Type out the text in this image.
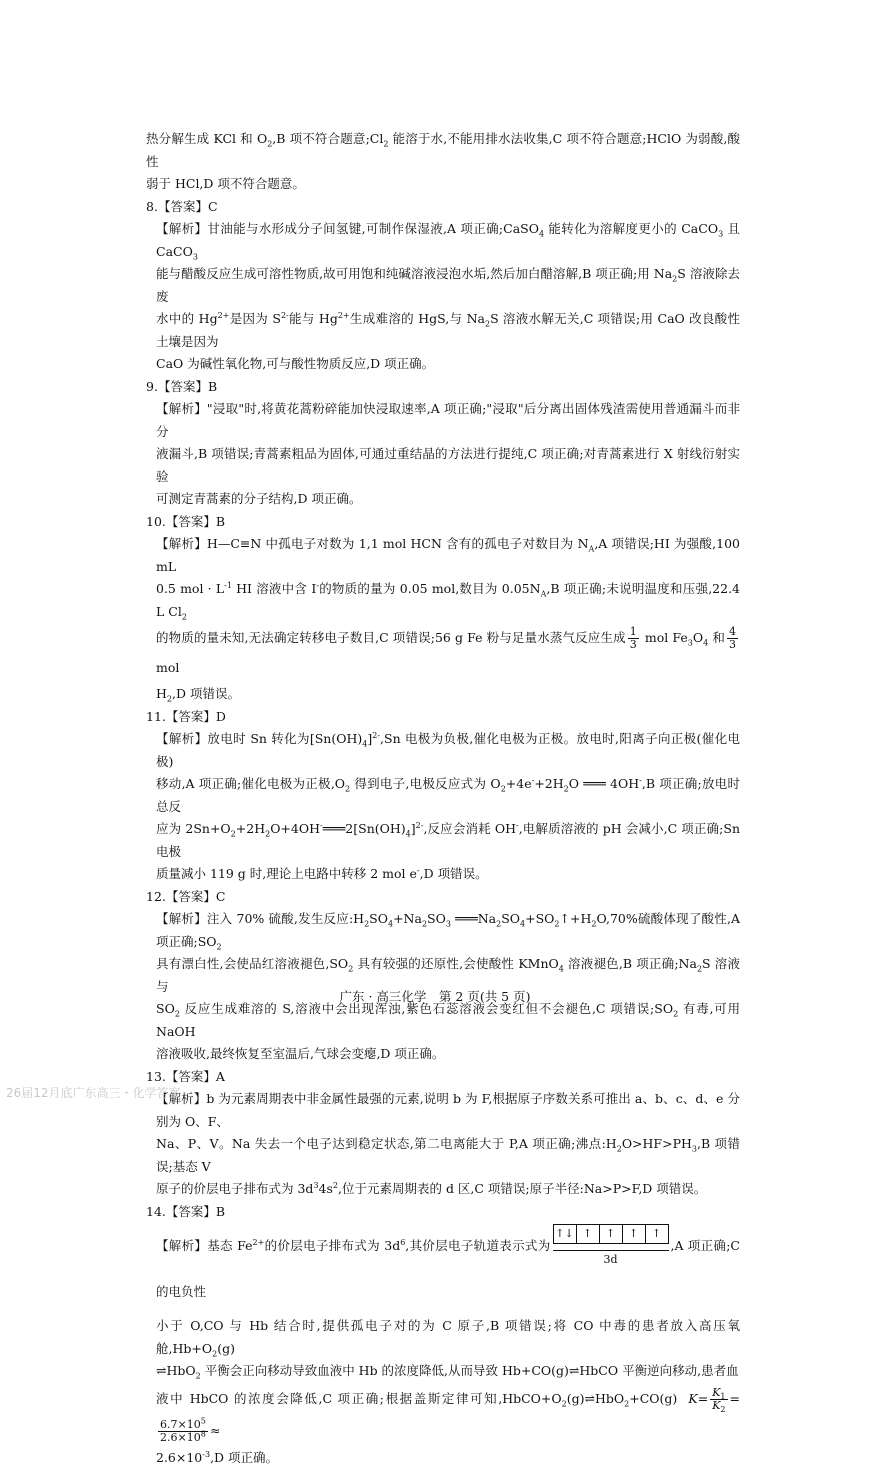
热分解生成 KCl 和 $O_2,B$ 项不符合题意$;Cl_2$ 能溶于水,不能用排水法收集,C 项不符合题意;HClO 为弱酸,酸性

弱于 HCl,D 项不符合题意。

8.【答案】C

【解析】甘油能与水形成分子间氢键,可制作保湿液,A 项正确;CaSO$_4$ 能转化为溶解度更小的 CaCO$_3$ 且 CaCO$_3$
能与醋酸反应生成可溶性物质,故可用饱和纯碱溶液浸泡水垢,然后加白醋溶解,B 项正确;用 $Na_2S$ 溶液除去废
水中的 $Hg^{2+}$是因为 $S^{2-}$能与 $Hg^{2+}$生成难溶的 HgS,与 $Na_2S$ 溶液水解无关,C 项错误;用 CaO 改良酸性土壤是因为
CaO 为碱性氧化物,可与酸性物质反应,D 项正确。

9.【答案】B

【解析】"浸取"时,将黄花蒿粉碎能加快浸取速率,A 项正确;"浸取"后分离出固体残渣需使用普通漏斗而非分
液漏斗,B 项错误;青蒿素粗品为固体,可通过重结晶的方法进行提纯,C 项正确;对青蒿素进行 X 射线衍射实验
可测定青蒿素的分子结构,D 项正确。

10.【答案】B

【解析】H—C≡N 中孤电子对数为 1,1 mol HCN 含有的孤电子对数目为 $N_A,A$ 项错误;HI 为强酸,100 mL
0.5 mol · $L^{-1}$ HI 溶液中含 I-的物质的量为 0.05 mol,数目为 $0.05N_A,B$ 项正确;未说明温度和压强,22.4 L $Cl_2$
的物质的量未知,无法确定转移电子数目,C 项错误;56 g Fe 粉与足量水蒸气反应生成 $\frac{1}{3}$ mol $Fe_3O_4$ 和 $\frac{4}{3}$
mol
$H_2,D$ 项错误。

11.【答案】D

【解析】放电时 Sn 转化为$[Sn(OH)_4]^{2-},Sn$ 电极为负极,催化电极为正极。放电时,阳离子向正极(催化电极)
移动,A 项正确;催化电极为正极$,O_2$ 得到电子,电极反应式为 $O_2+4e^-+2H_2O$ ═══ 4OH-,B 项正确;放电时总反
应为 $2Sn+O_2+2H_2O+4OH^-═══2[Sn(OH)_4]^{2-}$,反应会消耗 OH-,电解质溶液的 pH 会减小,C 项正确;Sn 电极
质量减小 119 g 时,理论上电路中转移 2 mol e-,D 项错误。

12.【答案】C

【解析】注入 70% 硫酸,发生反应$:H_2SO_4+Na_2SO_3$ $═══Na_2SO_4+SO_2↑+H_2O,70\%$硫酸体现了酸性,A 项正确$;SO_2$
具有漂白性,会使品红溶液褪色$,SO_2$ 具有较强的还原性,会使酸性 KMnO$_4$ 溶液褪色,B 项正确$;Na_2S$ 溶液与
$SO_2$ 反应生成难溶的 S,溶液中会出现浑浊,紫色石蕊溶液会变红但不会褪色,C 项错误$;SO_2$ 有毒,可用 NaOH
溶液吸收,最终恢复至室温后,气球会变瘪,D 项正确。

13.【答案】A

【解析】b 为元素周期表中非金属性最强的元素,说明 b 为 F,根据原子序数关系可推出 a、b、c、d、e 分别为 O、F、
Na、P、V。Na 失去一个电子达到稳定状态,第二电离能大于 P,A 项正确;沸点$:H_2O>HF>PH_3,B$ 项错误;基态 V
原子的价层电子排布式为 $3d^34s^2$,位于元素周期表的 d 区,C 项错误;原子半径:Na>P>F,D 项错误。

14.【答案】B

【解析】基态 $Fe^{2+}$的价层电子排布式为 $3d^6$,其价层电子轨道表示式为
↑↓ ↑	↑	↑	↑
3d
,A 项正确;C 的电负性
小于 O,CO 与 Hb 结合时,提供孤电子对的为 C 原子,B 项错误;将 CO 中毒的患者放入高压氧舱$,Hb+O_2(g)$
⇌HbO$_2$ 平衡会正向移动导致血液中 Hb 的浓度降低,从而导致 Hb+CO(g)⇌HbCO 平衡逆向移动,患者血
液中 HbCO 的浓度会降低,C 项正确;根据盖斯定律可知$,HbCO+O_2(g)\rightleftharpoons HbO_2+CO(g)$ $K= \frac{K_1}{K_2}$ =
$\frac{6.7\times 10^5}{2.6\times 10^8}$ ≈
$2.6\times 10^{-3},D$ 项正确。
广东 · 高三化学　第 2 页(共 5 页)
26届12月底广东高三・化学答案
